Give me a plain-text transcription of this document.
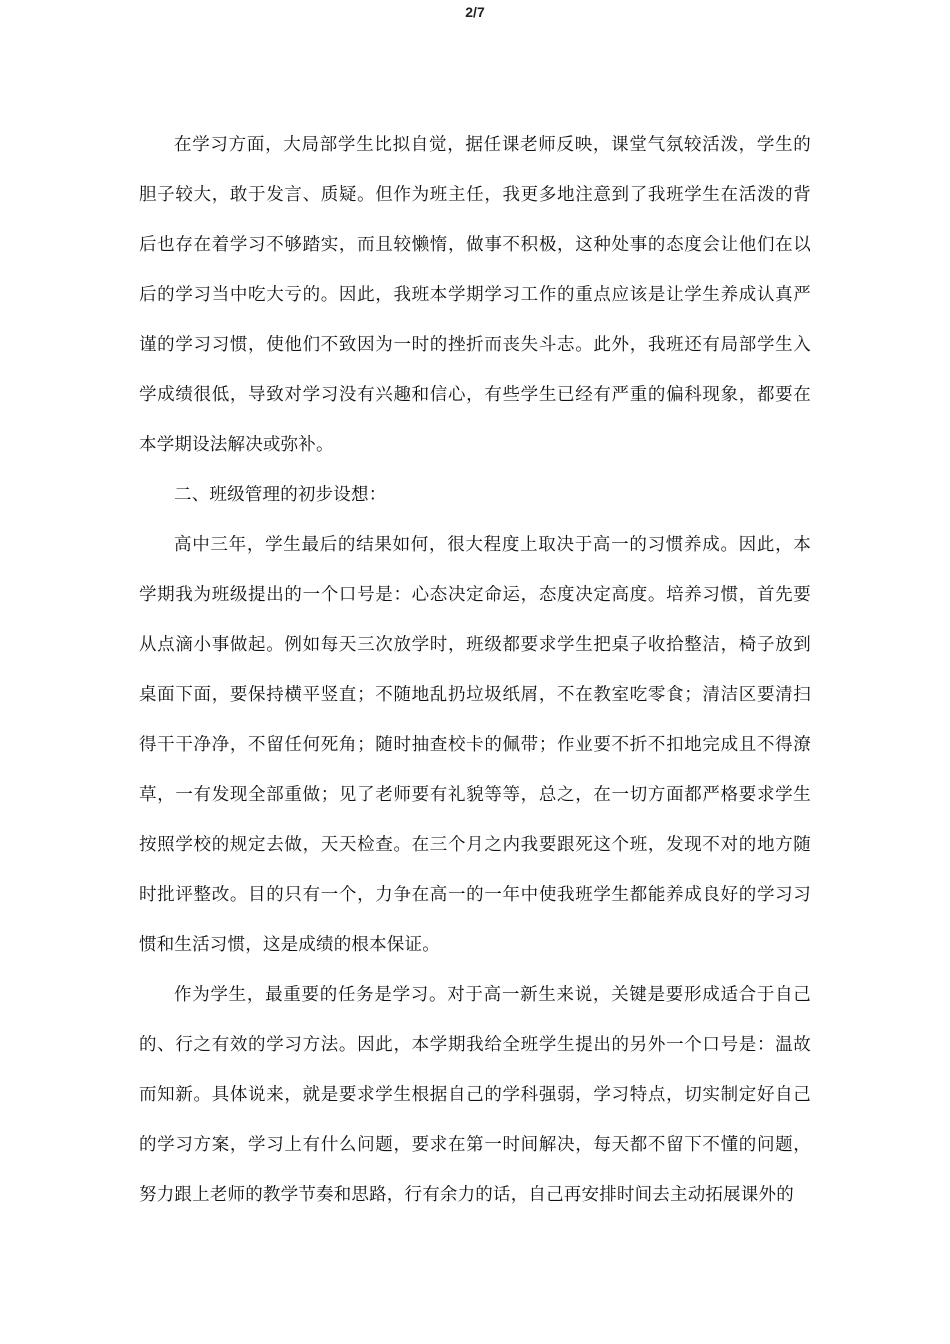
2/7

在学习方面，大局部学生比拟自觉，据任课老师反映，课堂气氛较活泼，学生的胆子较大，敢于发言、质疑。但作为班主任，我更多地注意到了我班学生在活泼的背后也存在着学习不够踏实，而且较懒惰，做事不积极，这种处事的态度会让他们在以后的学习当中吃大亏的。因此，我班本学期学习工作的重点应该是让学生养成认真严谨的学习习惯，使他们不致因为一时的挫折而丧失斗志。此外，我班还有局部学生入学成绩很低，导致对学习没有兴趣和信心，有些学生已经有严重的偏科现象，都要在本学期设法解决或弥补。

二、班级管理的初步设想：

高中三年，学生最后的结果如何，很大程度上取决于高一的习惯养成。因此，本学期我为班级提出的一个口号是：心态决定命运，态度决定高度。培养习惯，首先要从点滴小事做起。例如每天三次放学时，班级都要求学生把桌子收拾整洁，椅子放到桌面下面，要保持横平竖直；不随地乱扔垃圾纸屑，不在教室吃零食；清洁区要清扫得干干净净，不留任何死角；随时抽查校卡的佩带；作业要不折不扣地完成且不得潦草，一有发现全部重做；见了老师要有礼貌等等，总之，在一切方面都严格要求学生按照学校的规定去做，天天检查。在三个月之内我要跟死这个班，发现不对的地方随时批评整改。目的只有一个，力争在高一的一年中使我班学生都能养成良好的学习习惯和生活习惯，这是成绩的根本保证。

作为学生，最重要的任务是学习。对于高一新生来说，关键是要形成适合于自己的、行之有效的学习方法。因此，本学期我给全班学生提出的另外一个口号是：温故而知新。具体说来，就是要求学生根据自己的学科强弱，学习特点，切实制定好自己的学习方案，学习上有什么问题，要求在第一时间解决，每天都不留下不懂的问题，努力跟上老师的教学节奏和思路，行有余力的话，自己再安排时间去主动拓展课外的
